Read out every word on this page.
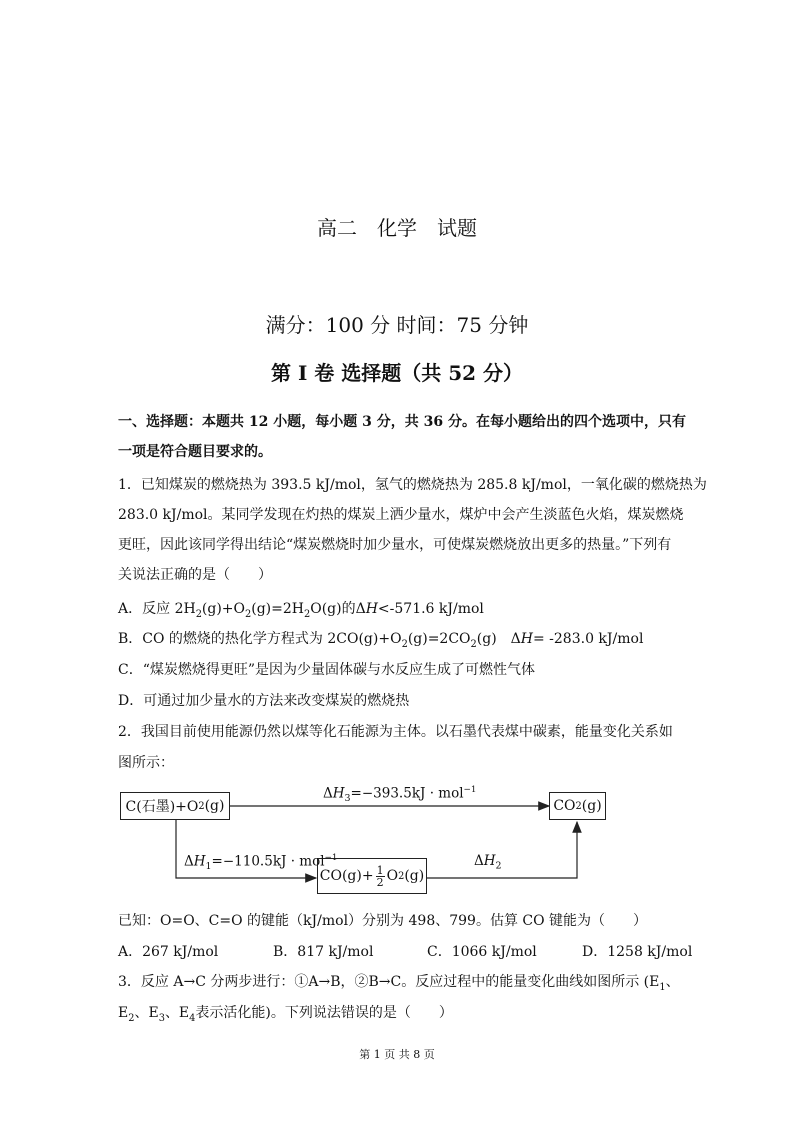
高二　化学　试题
满分：100 分 时间：75 分钟
第 I 卷 选择题（共 52 分）
一、选择题：本题共 12 小题，每小题 3 分，共 36 分。在每小题给出的四个选项中，只有
一项是符合题目要求的。
1．已知煤炭的燃烧热为 393.5 kJ/mol，氢气的燃烧热为 285.8 kJ/mol，一氧化碳的燃烧热为
283.0 kJ/mol。某同学发现在灼热的煤炭上洒少量水，煤炉中会产生淡蓝色火焰，煤炭燃烧
更旺，因此该同学得出结论“煤炭燃烧时加少量水，可使煤炭燃烧放出更多的热量。”下列有
关说法正确的是（　　）
A．反应 $2H_2(g)+O_2(g)=2H_2O(g)$的ΔH<-571.6 kJ/mol
B．CO 的燃烧的热化学方程式为 $2CO(g)+O_2(g)=2CO_2(g)$　ΔH= -283.0 kJ/mol
C．“煤炭燃烧得更旺”是因为少量固体碳与水反应生成了可燃性气体
D．可通过加少量水的方法来改变煤炭的燃烧热
2．我国目前使用能源仍然以煤等化石能源为主体。以石墨代表煤中碳素，能量变化关系如
图所示：
C(石墨)+O 2 (g)	CO 2 (g)
$CO(g)+ \frac{1}{2}$ O 2 (g)
$\Delta H_3=-393.5kJ \cdot mol^{-1}$
$\Delta H_1=-110.5kJ \cdot mol^{-1}$	$\Delta H_2$
已知：O=O、C=O 的键能（kJ/mol）分别为 498、799。估算 CO 键能为（　　）
A．267 kJ/mol	B．817 kJ/mol	C．1066 kJ/mol	D．1258 kJ/mol
3．反应 A→C 分两步进行：①A→B，②B→C。反应过程中的能量变化曲线如图所示 ($E_1$、
$E_2$、$E_3$、$E_4$表示活化能)。下列说法错误的是（　　）
第 1 页 共 8 页
